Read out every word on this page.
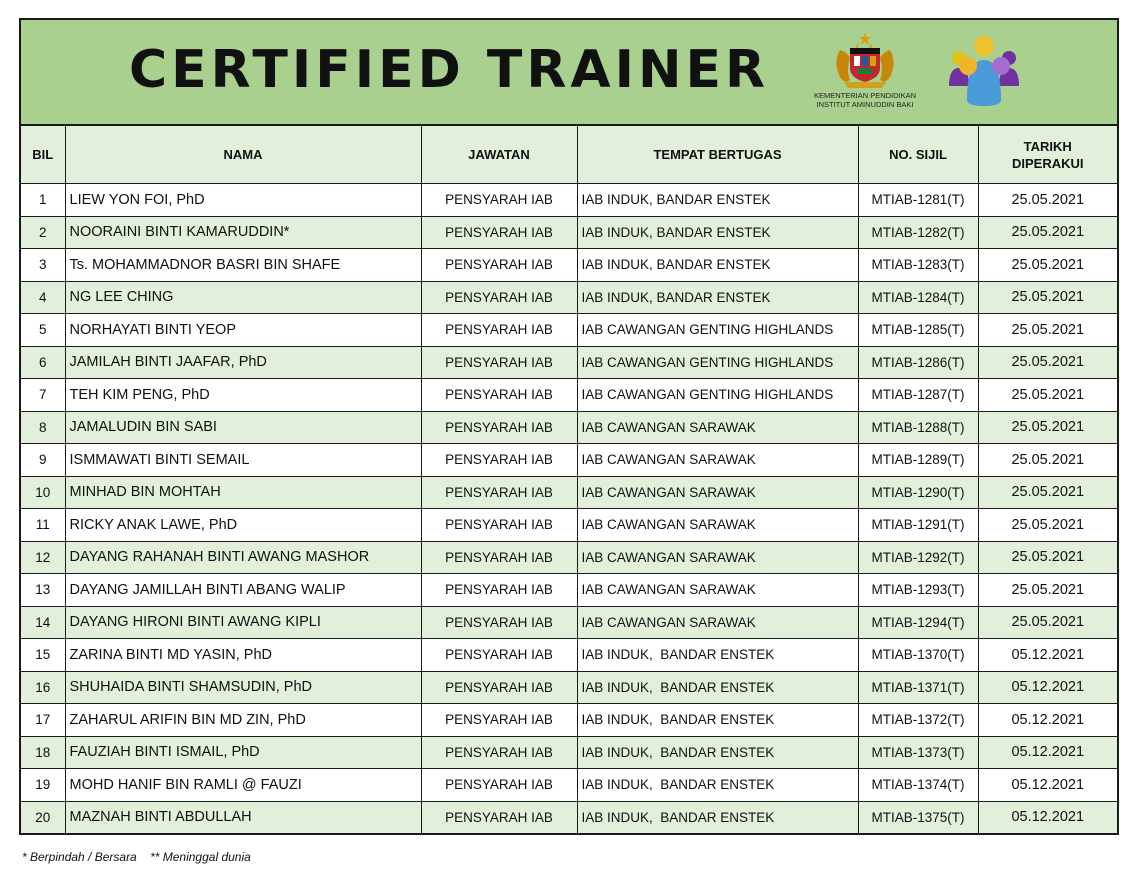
CERTIFIED TRAINER	KEMENTERIAN PENDIDIKAN
INSTITUT AMINUDDIN BAKI
BIL	NAMA	JAWATAN	TEMPAT BERTUGAS	NO. SIJIL	TARIKH DIPERAKUI
1	LIEW YON FOI, PhD	PENSYARAH IAB	IAB INDUK, BANDAR ENSTEK	MTIAB-1281(T)	25.05.2021
2	NOORAINI BINTI KAMARUDDIN*	PENSYARAH IAB	IAB INDUK, BANDAR ENSTEK	MTIAB-1282(T)	25.05.2021
3	Ts. MOHAMMADNOR BASRI BIN SHAFE	PENSYARAH IAB	IAB INDUK, BANDAR ENSTEK	MTIAB-1283(T)	25.05.2021
4	NG LEE CHING	PENSYARAH IAB	IAB INDUK, BANDAR ENSTEK	MTIAB-1284(T)	25.05.2021
5	NORHAYATI BINTI YEOP	PENSYARAH IAB	IAB CAWANGAN GENTING HIGHLANDS	MTIAB-1285(T)	25.05.2021
6	JAMILAH BINTI JAAFAR, PhD	PENSYARAH IAB	IAB CAWANGAN GENTING HIGHLANDS	MTIAB-1286(T)	25.05.2021
7	TEH KIM PENG, PhD	PENSYARAH IAB	IAB CAWANGAN GENTING HIGHLANDS	MTIAB-1287(T)	25.05.2021
8	JAMALUDIN BIN SABI	PENSYARAH IAB	IAB CAWANGAN SARAWAK	MTIAB-1288(T)	25.05.2021
9	ISMMAWATI BINTI SEMAIL	PENSYARAH IAB	IAB CAWANGAN SARAWAK	MTIAB-1289(T)	25.05.2021
10	MINHAD BIN MOHTAH	PENSYARAH IAB	IAB CAWANGAN SARAWAK	MTIAB-1290(T)	25.05.2021
11	RICKY ANAK LAWE, PhD	PENSYARAH IAB	IAB CAWANGAN SARAWAK	MTIAB-1291(T)	25.05.2021
12	DAYANG RAHANAH BINTI AWANG MASHOR	PENSYARAH IAB	IAB CAWANGAN SARAWAK	MTIAB-1292(T)	25.05.2021
13	DAYANG JAMILLAH BINTI ABANG WALIP	PENSYARAH IAB	IAB CAWANGAN SARAWAK	MTIAB-1293(T)	25.05.2021
14	DAYANG HIRONI BINTI AWANG KIPLI	PENSYARAH IAB	IAB CAWANGAN SARAWAK	MTIAB-1294(T)	25.05.2021
15	ZARINA BINTI MD YASIN, PhD	PENSYARAH IAB	IAB INDUK,  BANDAR ENSTEK	MTIAB-1370(T)	05.12.2021
16	SHUHAIDA BINTI SHAMSUDIN, PhD	PENSYARAH IAB	IAB INDUK,  BANDAR ENSTEK	MTIAB-1371(T)	05.12.2021
17	ZAHARUL ARIFIN BIN MD ZIN, PhD	PENSYARAH IAB	IAB INDUK,  BANDAR ENSTEK	MTIAB-1372(T)	05.12.2021
18	FAUZIAH BINTI ISMAIL, PhD	PENSYARAH IAB	IAB INDUK,  BANDAR ENSTEK	MTIAB-1373(T)	05.12.2021
19	MOHD HANIF BIN RAMLI @ FAUZI	PENSYARAH IAB	IAB INDUK,  BANDAR ENSTEK	MTIAB-1374(T)	05.12.2021
20	MAZNAH BINTI ABDULLAH	PENSYARAH IAB	IAB INDUK,  BANDAR ENSTEK	MTIAB-1375(T)	05.12.2021
* Berpindah / Bersara    ** Meninggal dunia
